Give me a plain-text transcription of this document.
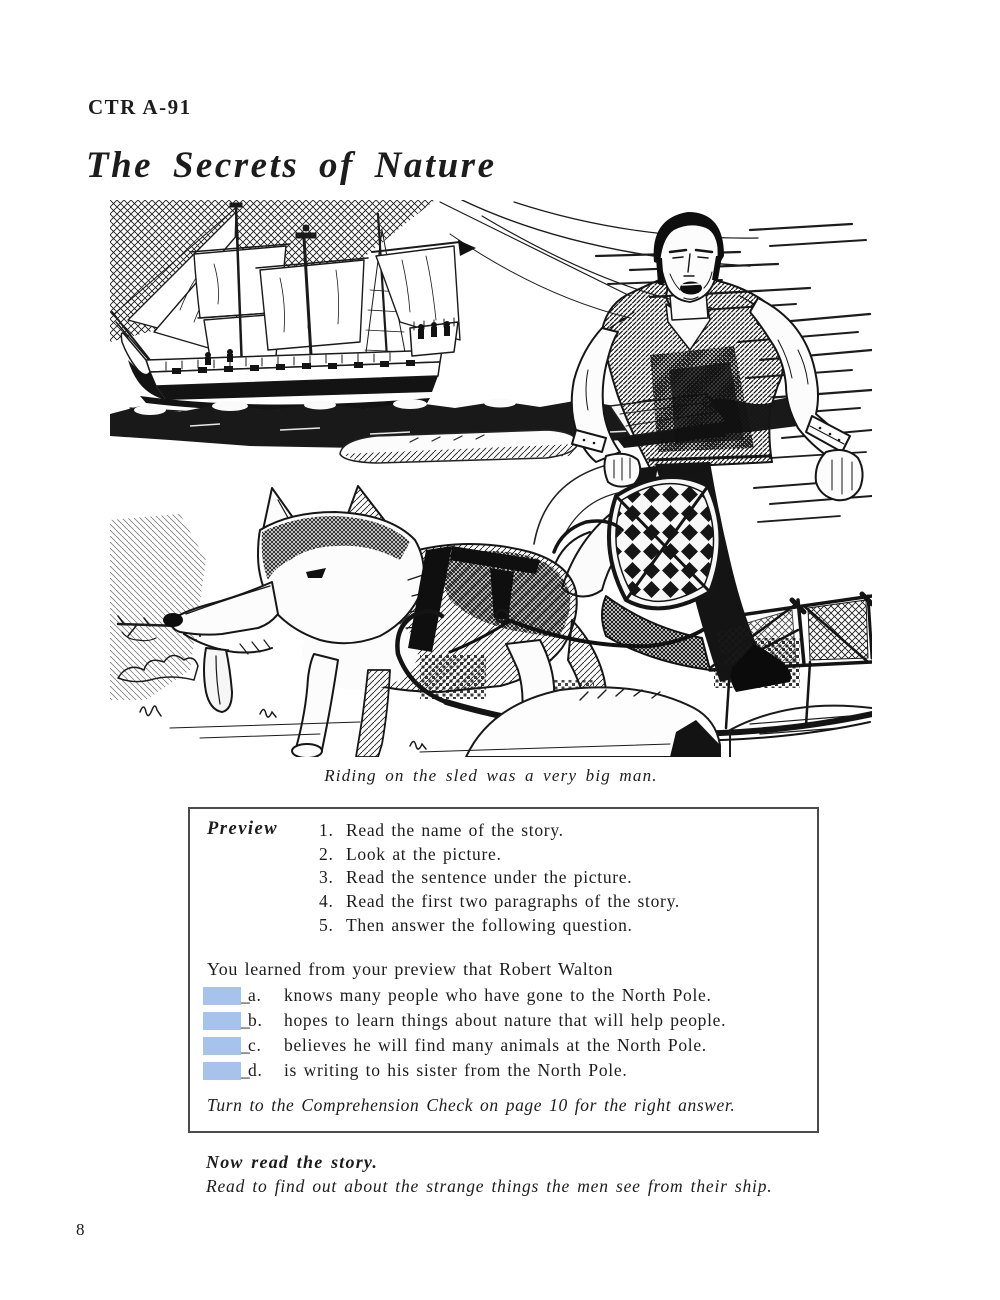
CTR A-91
The Secrets of Nature
Riding on the sled was a very big man.
Preview 1. Read the name of the story.
2. Look at the picture.
3. Read the sentence under the picture.
4. Read the first two paragraphs of the story.
5. Then answer the following question.
You learned from your preview that Robert Walton
_
a.	knows many people who have gone to the North Pole.
_
b.	hopes to learn things about nature that will help people.
_
c.	believes he will find many animals at the North Pole.
_
d.	is writing to his sister from the North Pole.
Turn to the Comprehension Check on page 10 for the right answer.
Now read the story.
Read to find out about the strange things the men see from their ship.
8
